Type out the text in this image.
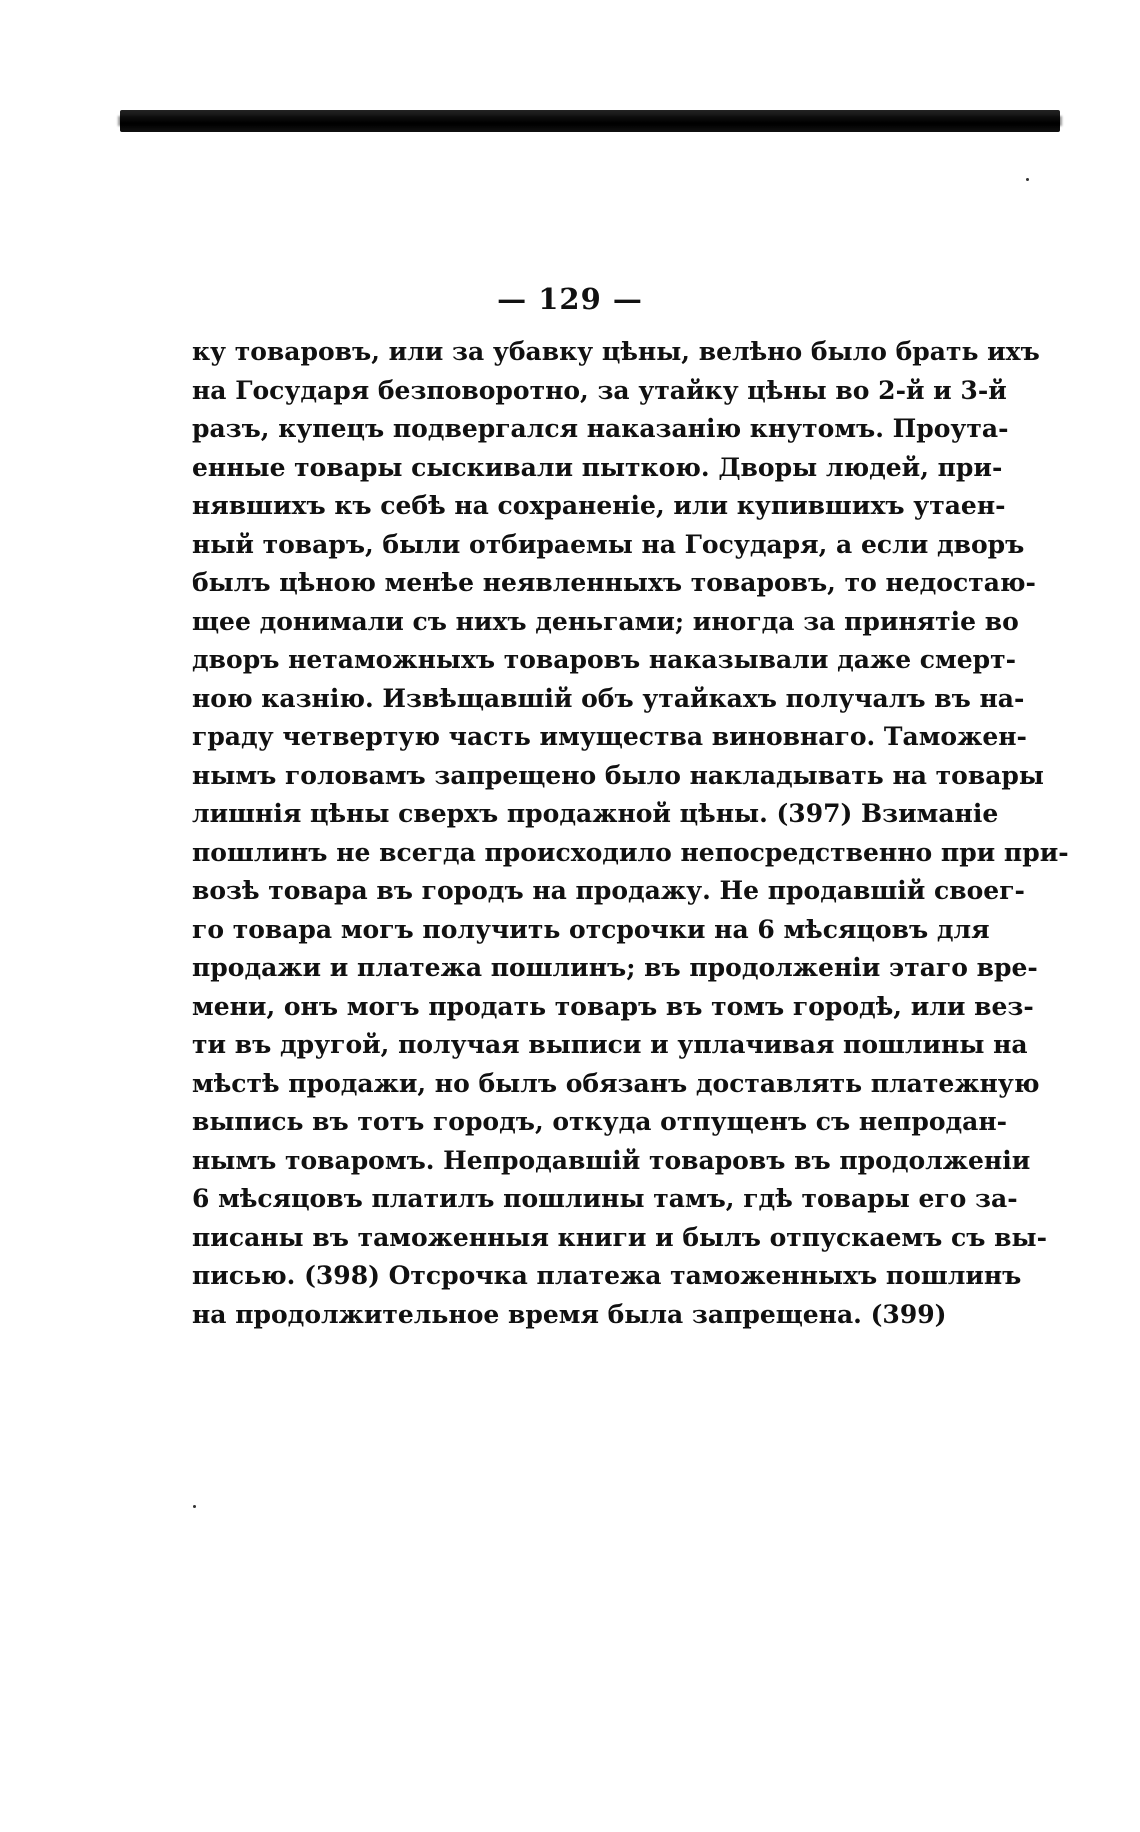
— 129 —
ку товаровъ, или за убавку цѣны, велѣно было брать ихъ
на Государя безповоротно, за утайку цѣны во 2-й и 3-й
разъ, купецъ подвергался наказанію кнутомъ. Проута-
енные товары сыскивали пыткою. Дворы людей, при-
нявшихъ къ себѣ на сохраненіе, или купившихъ утаен-
ный товаръ, были отбираемы на Государя, а если дворъ
былъ цѣною менѣе неявленныхъ товаровъ, то недостаю-
щее донимали съ нихъ деньгами; иногда за принятіе во
дворъ нетаможныхъ товаровъ наказывали даже смерт-
ною казнію. Извѣщавшій объ утайкахъ получалъ въ на-
граду четвертую часть имущества виновнаго. Таможен-
нымъ головамъ запрещено было накладывать на товары
лишнія цѣны сверхъ продажной цѣны. (397) Взиманіе
пошлинъ не всегда происходило непосредственно при при-
возѣ товара въ городъ на продажу. Не продавшій своег-
го товара могъ получить отсрочки на 6 мѣсяцовъ для
продажи и платежа пошлинъ; въ продолженіи этаго вре-
мени, онъ могъ продать товаръ въ томъ городѣ, или вез-
ти въ другой, получая выписи и уплачивая пошлины на
мѣстѣ продажи, но былъ обязанъ доставлять платежную
выпись въ тотъ городъ, откуда отпущенъ съ непродан-
нымъ товаромъ. Непродавшій товаровъ въ продолженіи
6 мѣсяцовъ платилъ пошлины тамъ, гдѣ товары его за-
писаны въ таможенныя книги и былъ отпускаемъ съ вы-
писью. (398) Отсрочка платежа таможенныхъ пошлинъ
на продолжительное время была запрещена. (399)
